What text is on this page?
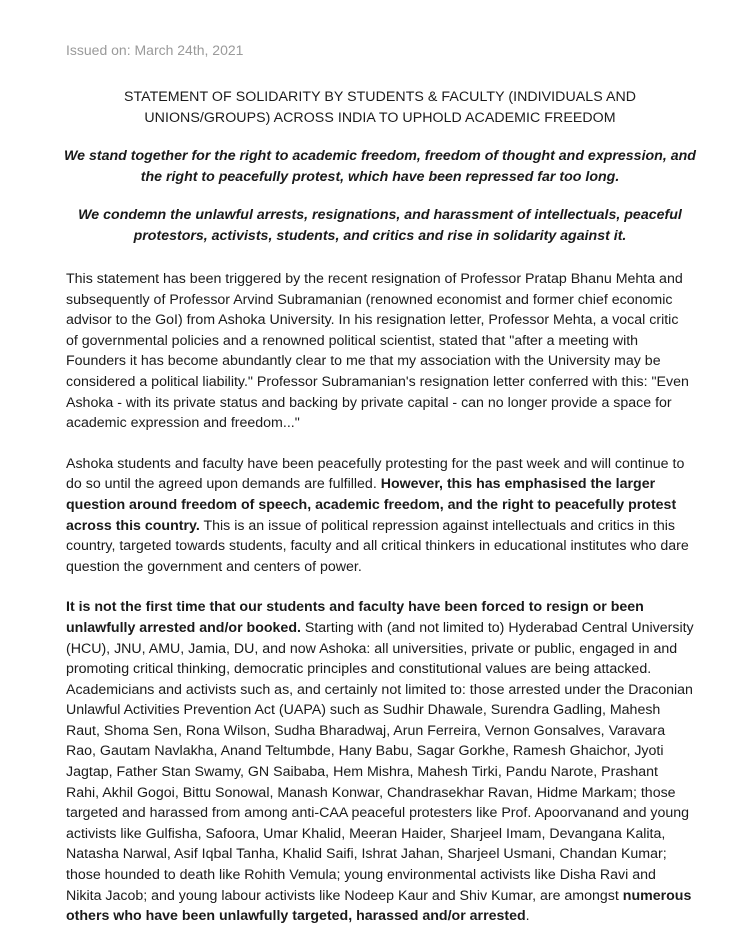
Issued on: March 24th, 2021
STATEMENT OF SOLIDARITY BY STUDENTS & FACULTY (INDIVIDUALS AND UNIONS/GROUPS) ACROSS INDIA TO UPHOLD ACADEMIC FREEDOM
We stand together for the right to academic freedom, freedom of thought and expression, and the right to peacefully protest, which have been repressed far too long.
We condemn the unlawful arrests, resignations, and harassment of intellectuals, peaceful protestors, activists, students, and critics and rise in solidarity against it.

This statement has been triggered by the recent resignation of Professor Pratap Bhanu Mehta and subsequently of Professor Arvind Subramanian (renowned economist and former chief economic advisor to the GoI) from Ashoka University. In his resignation letter, Professor Mehta, a vocal critic of governmental policies and a renowned political scientist, stated that "after a meeting with Founders it has become abundantly clear to me that my association with the University may be considered a political liability." Professor Subramanian's resignation letter conferred with this: "Even Ashoka - with its private status and backing by private capital - can no longer provide a space for academic expression and freedom..."

Ashoka students and faculty have been peacefully protesting for the past week and will continue to do so until the agreed upon demands are fulfilled. However, this has emphasised the larger question around freedom of speech, academic freedom, and the right to peacefully protest across this country. This is an issue of political repression against intellectuals and critics in this country, targeted towards students, faculty and all critical thinkers in educational institutes who dare question the government and centers of power.

It is not the first time that our students and faculty have been forced to resign or been unlawfully arrested and/or booked. Starting with (and not limited to) Hyderabad Central University (HCU), JNU, AMU, Jamia, DU, and now Ashoka: all universities, private or public, engaged in and promoting critical thinking, democratic principles and constitutional values are being attacked. Academicians and activists such as, and certainly not limited to: those arrested under the Draconian Unlawful Activities Prevention Act (UAPA) such as Sudhir Dhawale, Surendra Gadling, Mahesh Raut, Shoma Sen, Rona Wilson, Sudha Bharadwaj, Arun Ferreira, Vernon Gonsalves, Varavara Rao, Gautam Navlakha, Anand Teltumbde, Hany Babu, Sagar Gorkhe, Ramesh Ghaichor, Jyoti Jagtap, Father Stan Swamy, GN Saibaba, Hem Mishra, Mahesh Tirki, Pandu Narote, Prashant Rahi, Akhil Gogoi, Bittu Sonowal, Manash Konwar, Chandrasekhar Ravan, Hidme Markam; those targeted and harassed from among anti-CAA peaceful protesters like Prof. Apoorvanand and young activists like Gulfisha, Safoora, Umar Khalid, Meeran Haider, Sharjeel Imam, Devangana Kalita, Natasha Narwal, Asif Iqbal Tanha, Khalid Saifi, Ishrat Jahan, Sharjeel Usmani, Chandan Kumar; those hounded to death like Rohith Vemula; young environmental activists like Disha Ravi and Nikita Jacob; and young labour activists like Nodeep Kaur and Shiv Kumar, are amongst numerous others who have been unlawfully targeted, harassed and/or arrested.
